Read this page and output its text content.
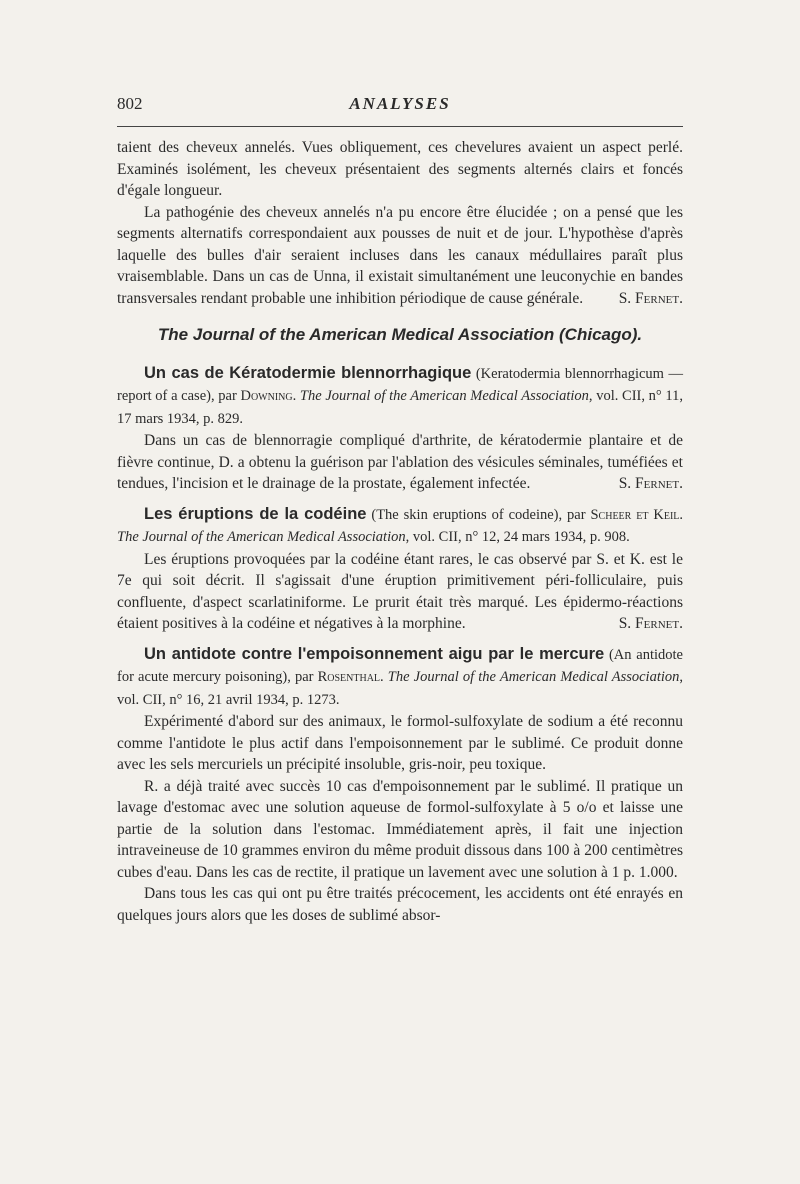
802	ANALYSES

taient des cheveux annelés. Vues obliquement, ces chevelures avaient un aspect perlé. Examinés isolément, les cheveux présentaient des segments alternés clairs et foncés d'égale longueur.

La pathogénie des cheveux annelés n'a pu encore être élucidée ; on a pensé que les segments alternatifs correspondaient aux pousses de nuit et de jour. L'hypothèse d'après laquelle des bulles d'air seraient incluses dans les canaux médullaires paraît plus vraisemblable. Dans un cas de Unna, il existait simultanément une leuconychie en bandes transversales rendant probable une inhibition périodique de cause générale.	S. Fernet.

The Journal of the American Medical Association (Chicago).

Un cas de Kératodermie blennorrhagique (Keratodermia blennorrhagicum — report of a case), par Downing. The Journal of the American Medical Association, vol. CII, n° 11, 17 mars 1934, p. 829.

Dans un cas de blennorragie compliqué d'arthrite, de kératodermie plantaire et de fièvre continue, D. a obtenu la guérison par l'ablation des vésicules séminales, tuméfiées et tendues, l'incision et le drainage de la prostate, également infectée.	S. Fernet.

Les éruptions de la codéine (The skin eruptions of codeine), par Scheer et Keil. The Journal of the American Medical Association, vol. CII, n° 12, 24 mars 1934, p. 908.

Les éruptions provoquées par la codéine étant rares, le cas observé par S. et K. est le 7e qui soit décrit. Il s'agissait d'une éruption primitivement péri-folliculaire, puis confluente, d'aspect scarlatiniforme. Le prurit était très marqué. Les épidermo-réactions étaient positives à la codéine et négatives à la morphine.	S. Fernet.

Un antidote contre l'empoisonnement aigu par le mercure (An antidote for acute mercury poisoning), par Rosenthal. The Journal of the American Medical Association, vol. CII, n° 16, 21 avril 1934, p. 1273.

Expérimenté d'abord sur des animaux, le formol-sulfoxylate de sodium a été reconnu comme l'antidote le plus actif dans l'empoisonnement par le sublimé. Ce produit donne avec les sels mercuriels un précipité insoluble, gris-noir, peu toxique.

R. a déjà traité avec succès 10 cas d'empoisonnement par le sublimé. Il pratique un lavage d'estomac avec une solution aqueuse de formol-sulfoxylate à 5 o/o et laisse une partie de la solution dans l'estomac. Immédiatement après, il fait une injection intraveineuse de 10 grammes environ du même produit dissous dans 100 à 200 centimètres cubes d'eau. Dans les cas de rectite, il pratique un lavement avec une solution à 1 p. 1.000.

Dans tous les cas qui ont pu être traités précocement, les accidents ont été enrayés en quelques jours alors que les doses de sublimé absor-
